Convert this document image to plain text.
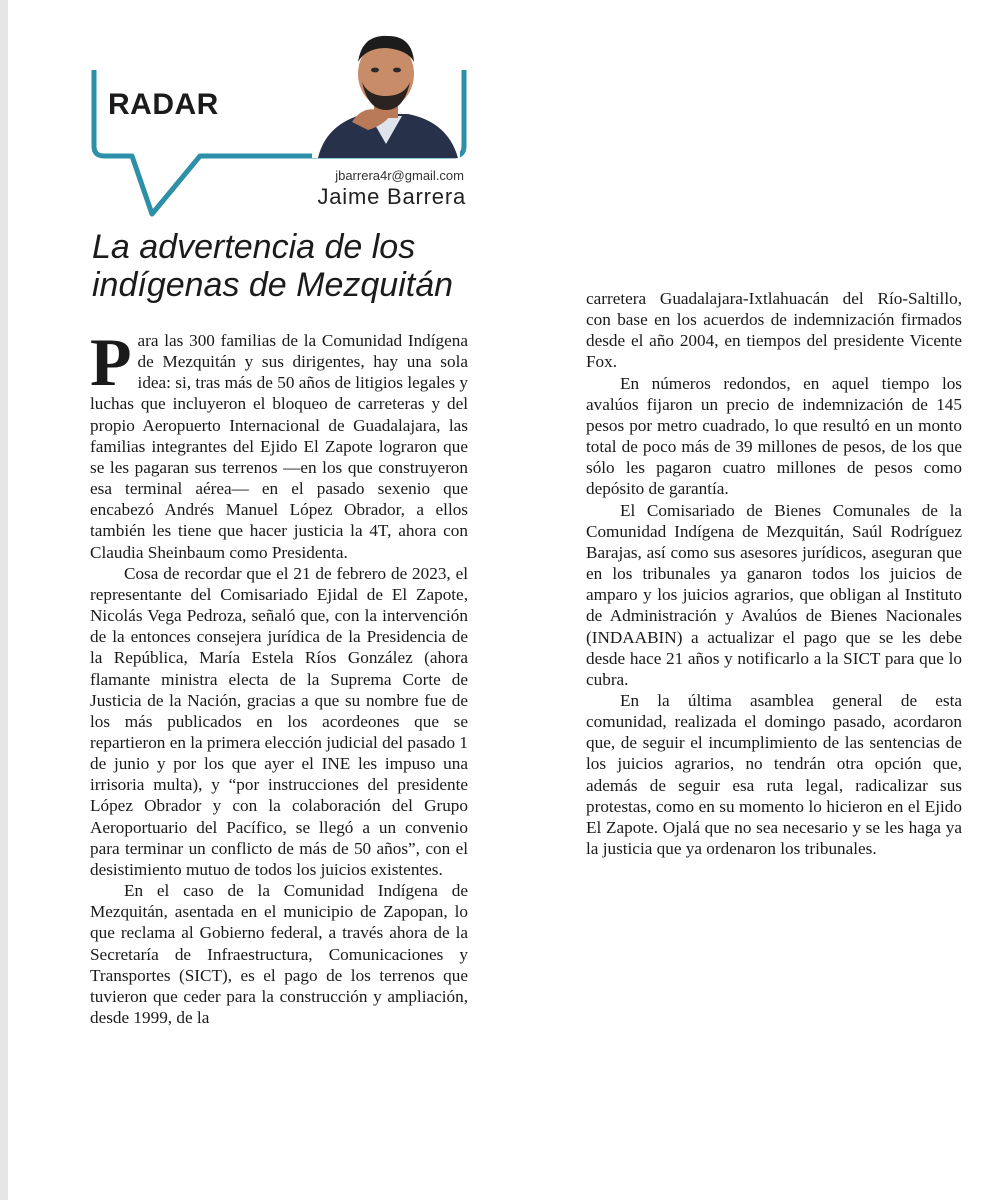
RADAR
jbarrera4r@gmail.com
Jaime Barrera
La advertencia de los indígenas de Mezquitán

Para las 300 familias de la Comunidad Indígena de Mezquitán y sus dirigentes, hay una sola idea: si, tras más de 50 años de litigios legales y luchas que incluyeron el bloqueo de carreteras y del propio Aeropuerto Internacional de Guadalajara, las familias integrantes del Ejido El Zapote lograron que se les pagaran sus terrenos —en los que construyeron esa terminal aérea— en el pasado sexenio que encabezó Andrés Manuel López Obrador, a ellos también les tiene que hacer justicia la 4T, ahora con Claudia Sheinbaum como Presidenta.

Cosa de recordar que el 21 de febrero de 2023, el representante del Comisariado Ejidal de El Zapote, Nicolás Vega Pedroza, señaló que, con la intervención de la entonces consejera jurídica de la Presidencia de la República, María Estela Ríos González (ahora flamante ministra electa de la Suprema Corte de Justicia de la Nación, gracias a que su nombre fue de los más publicados en los acordeones que se repartieron en la primera elección judicial del pasado 1 de junio y por los que ayer el INE les impuso una irrisoria multa), y “por instrucciones del presidente López Obrador y con la colaboración del Grupo Aeroportuario del Pacífico, se llegó a un convenio para terminar un conflicto de más de 50 años”, con el desistimiento mutuo de todos los juicios existentes.

En el caso de la Comunidad Indígena de Mezquitán, asentada en el municipio de Zapopan, lo que reclama al Gobierno federal, a través ahora de la Secretaría de Infraestructura, Comunicaciones y Transportes (SICT), es el pago de los terrenos que tuvieron que ceder para la construcción y ampliación, desde 1999, de la

carretera Guadalajara-Ixtlahuacán del Río-Saltillo, con base en los acuerdos de indemnización firmados desde el año 2004, en tiempos del presidente Vicente Fox.

En números redondos, en aquel tiempo los avalúos fijaron un precio de indemnización de 145 pesos por metro cuadrado, lo que resultó en un monto total de poco más de 39 millones de pesos, de los que sólo les pagaron cuatro millones de pesos como depósito de garantía.

El Comisariado de Bienes Comunales de la Comunidad Indígena de Mezquitán, Saúl Rodríguez Barajas, así como sus asesores jurídicos, aseguran que en los tribunales ya ganaron todos los juicios de amparo y los juicios agrarios, que obligan al Instituto de Administración y Avalúos de Bienes Nacionales (INDAABIN) a actualizar el pago que se les debe desde hace 21 años y notificarlo a la SICT para que lo cubra.

En la última asamblea general de esta comunidad, realizada el domingo pasado, acordaron que, de seguir el incumplimiento de las sentencias de los juicios agrarios, no tendrán otra opción que, además de seguir esa ruta legal, radicalizar sus protestas, como en su momento lo hicieron en el Ejido El Zapote. Ojalá que no sea necesario y se les haga ya la justicia que ya ordenaron los tribunales.
